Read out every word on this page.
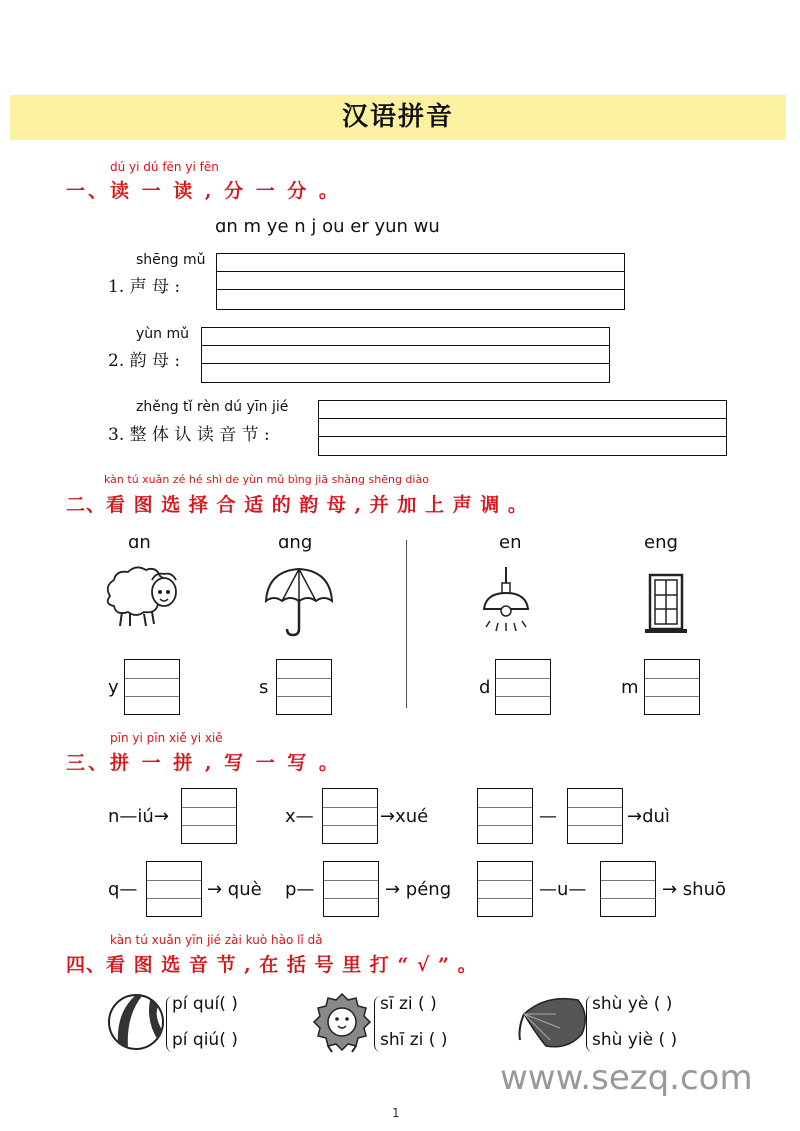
汉语拼音
dú yi dú fēn yi fēn
一、读 一 读 , 分 一 分 。
ɑn m ye n j ou er yun wu
shēng mǔ
1. 声 母 :
yùn mǔ
2. 韵 母 :
zhěng tǐ rèn dú yīn jié
3. 整 体 认 读 音 节 :
kàn tú xuǎn zé hé shì de yùn mǔ bìng jiā shàng shēng diào
二、看 图 选 择 合 适 的 韵 母 , 并 加 上 声 调 。
ɑn	ɑng	en	eng
y	s	d	m
pīn yi pīn xiě yi xiě
三、拼 一 拼 , 写 一 写 。
n—iú→	x—	→xué	—	→duì
q—	→ què p—	→ péng	—u—	→ shuō
kàn tú xuǎn yīn jié zài kuò hào lǐ dǎ
四、看 图 选 音 节 , 在 括 号 里 打 “ √ ” 。
pí quí( )
pí qiú( )
sī zi ( )
shī zi ( )
shù yè ( )
shù yiè ( )
www.sezq.com
1
